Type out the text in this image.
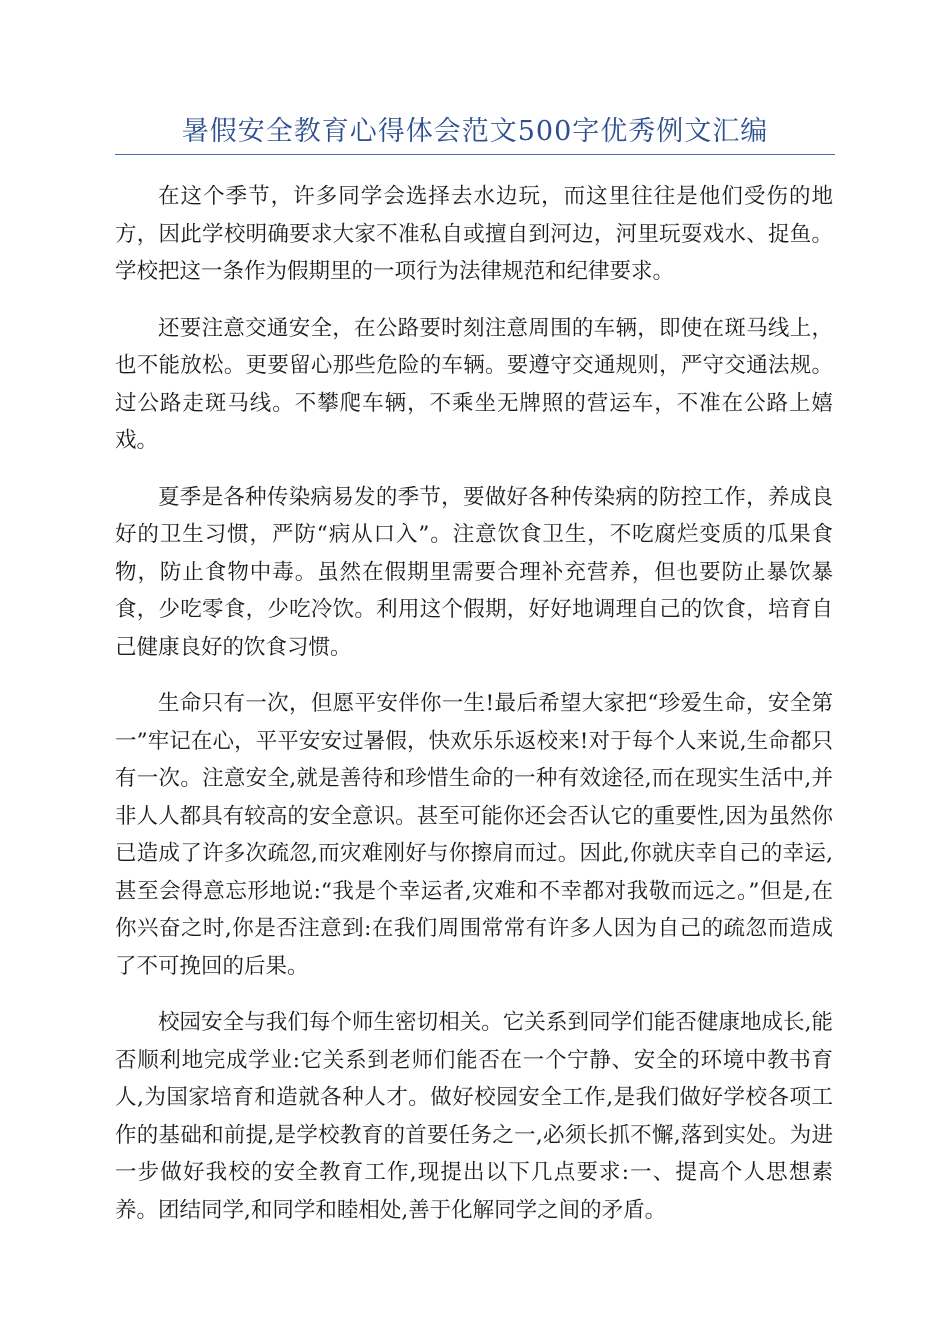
暑假安全教育心得体会范文500字优秀例文汇编

在这个季节，许多同学会选择去水边玩，而这里往往是他们受伤的地方，因此学校明确要求大家不准私自或擅自到河边，河里玩耍戏水、捉鱼。学校把这一条作为假期里的一项行为法律规范和纪律要求。

还要注意交通安全，在公路要时刻注意周围的车辆，即使在斑马线上，也不能放松。更要留心那些危险的车辆。要遵守交通规则，严守交通法规。过公路走斑马线。不攀爬车辆，不乘坐无牌照的营运车，不准在公路上嬉戏。

夏季是各种传染病易发的季节，要做好各种传染病的防控工作，养成良好的卫生习惯，严防“病从口入”。注意饮食卫生，不吃腐烂变质的瓜果食物，防止食物中毒。虽然在假期里需要合理补充营养，但也要防止暴饮暴食，少吃零食，少吃冷饮。利用这个假期，好好地调理自己的饮食，培育自己健康良好的饮食习惯。

生命只有一次，但愿平安伴你一生!最后希望大家把“珍爱生命，安全第一”牢记在心，平平安安过暑假，快欢乐乐返校来!对于每个人来说,生命都只有一次。注意安全,就是善待和珍惜生命的一种有效途径,而在现实生活中,并非人人都具有较高的安全意识。甚至可能你还会否认它的重要性,因为虽然你已造成了许多次疏忽,而灾难刚好与你擦肩而过。因此,你就庆幸自己的幸运,甚至会得意忘形地说:“我是个幸运者,灾难和不幸都对我敬而远之。”但是,在你兴奋之时,你是否注意到:在我们周围常常有许多人因为自己的疏忽而造成了不可挽回的后果。

校园安全与我们每个师生密切相关。它关系到同学们能否健康地成长,能否顺利地完成学业:它关系到老师们能否在一个宁静、安全的环境中教书育人,为国家培育和造就各种人才。做好校园安全工作,是我们做好学校各项工作的基础和前提,是学校教育的首要任务之一,必须长抓不懈,落到实处。为进一步做好我校的安全教育工作,现提出以下几点要求:一、提高个人思想素养。团结同学,和同学和睦相处,善于化解同学之间的矛盾。
